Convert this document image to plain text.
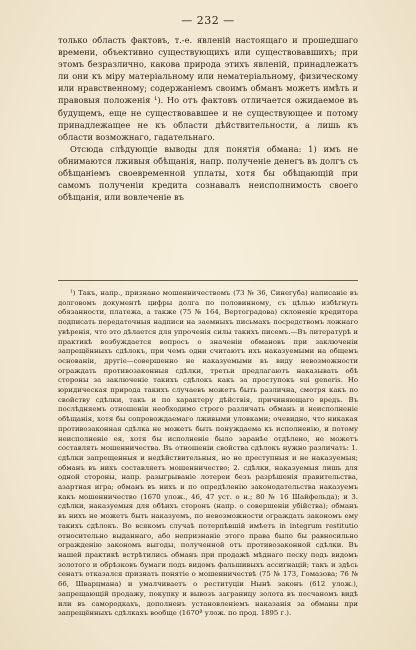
— 232 —

только область фактовъ, т.-е. явленій настоящаго и прошедшаго времени, объективно существующихъ или существовавшихъ; при этомъ безразлично, какова природа этихъ явленій, принадлежатъ ли они къ міру матеріальному или нематеріальному, физическому или нравственному; содержаніемъ своимъ обманъ можетъ имѣть и правовыя положенія ¹). Но отъ фактовъ отличается ожидаемое въ будущемъ, еще не существовавшее и не существующее и потому принадлежащее не къ области дѣйствительности, а лишь къ области возможнаго, гадательнаго.

Отсюда слѣдующіе выводы для понятія обмана: 1) имъ не обнимаются лживыя обѣщанія, напр. полученіе денегъ въ долгъ съ обѣщаніемъ своевременной уплаты, хотя бы обѣщающій при самомъ полученіи кредита сознавалъ неисполнимость своего обѣщанія, или вовлеченіе въ

¹) Такъ, напр., признано мошенничествомъ (73 № 36, Синегуба) написаніе въ долговомъ документѣ цифры долга по половинному, съ цѣлью избѣгнуть обязанности, платежа, а также (75 № 164, Вертоградова) склоненіе кредитора подписать передаточныя надписи на заемныхъ письмахъ посредствомъ ложнаго увѣренія, что это дѣлается для упроченія силы такихъ писемъ.—Въ литературѣ и практикѣ возбуждается вопросъ о значеніи обмановъ при заключеніи запрещённыхъ сдѣлокъ, при чемъ одни считаютъ ихъ наказуемыми на общемъ основаніи, другіе—совершенно не наказуемыми въ виду невозможности ограждать противозаконныя сдѣлки, третьи предлагаютъ наказывать обѣ стороны за заключеніе такихъ сдѣлокъ какъ за проступокъ sui generis. Но юридическая природа такихъ случаевъ можетъ быть различна, смотря какъ по свойству сдѣлки, такъ и по характеру дѣйствія, причиняющаго вредъ. Въ послѣдняемъ отношеніи необходимо строго различать обманъ и неисполненіе обѣщанія, хотя бы сопровождаемаго лживыми уловками; очевидно, что никакая противозаконная сдѣлка не можетъ быть понуждаема къ исполненію, и потому неисполненіе ея, хотя бы исполненіе было заранѣе отдѣлено, не можетъ составлять мошенничества. Въ отношеніи свойства сдѣлокъ нужно различать: 1. сдѣлки запрещенныя и недѣйствительныя, но не преступныя и не наказуемыя; обманъ въ нихъ составляетъ мошенничество; 2. сдѣлки, наказуемыя лишь для одной стороны, напр. разыгрываніе лотереи безъ разрѣшенія правительства, азартная игра; обманъ въ нихъ и по опредѣленію законодательства наказуемъ какъ мошенничество (1670 улож., 46, 47 уст. о н.; 80 № 16 Шайфельда); и 3. сдѣлки, наказуемыя для обѣихъ сторонъ (напр. о совершеніи убійства); обманъ въ нихъ не можетъ быть наказуемъ, по невозможности ограждать закономъ ему такихъ сдѣлокъ. Во всякомъ случаѣ потерпѣвшій имѣетъ in integrum restitutio относительно выданнаго, або непризнаніе этого права было бы равносильно огражденію закономъ выгоды, полученной отъ противозаконной сдѣлки. Въ нашей практикѣ встрѣтились обманъ при продажѣ мѣднаго песку подъ видомъ золотого и обрѣзковъ бумаги подъ видомъ фальшивыхъ ассигнацій; такъ и здѣсь сенатъ отказался признать понятіе о мошенничествѣ (75 № 173, Гомазова; 76 № 66, Шварцмана) и умалчиваетъ о реституціи Нынѣ законъ (612 улож.), запрещающій продажу, покупку и вывозъ заграницу золота въ песчаномъ видѣ или въ самородкахъ, дополненъ установленіемъ наказанія за обманы при запрещённыхъ сдѣлкахъ вообще (1670ª улож. по прод. 1895 г.).
